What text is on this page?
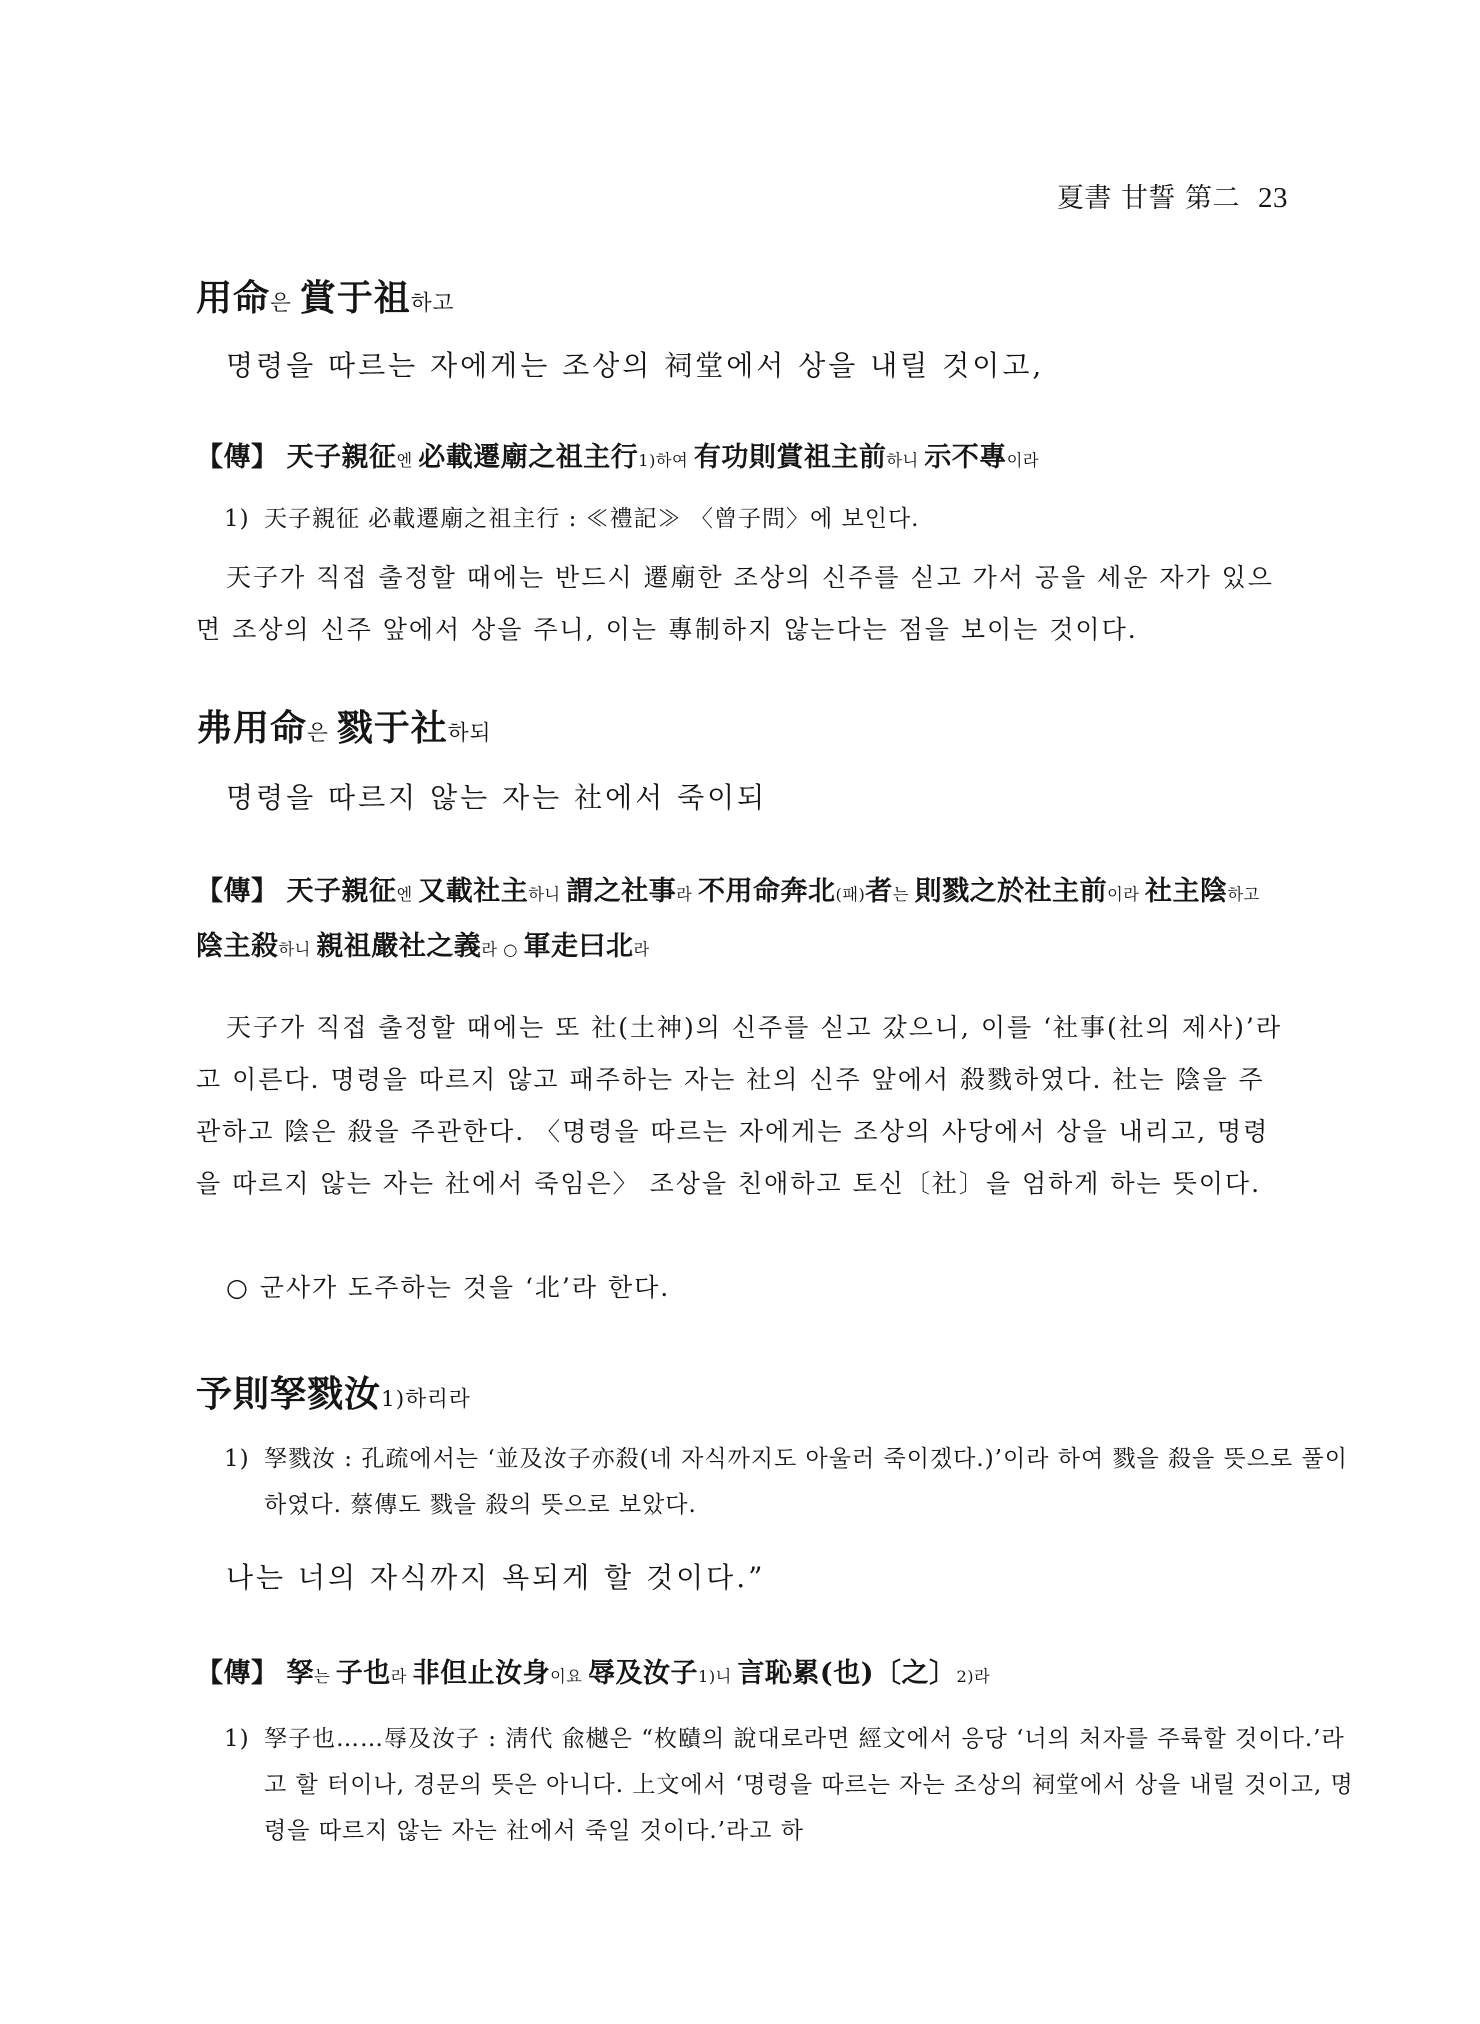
夏書 甘誓 第二 23
用命은 賞于祖하고
명령을 따르는 자에게는 조상의 祠堂에서 상을 내릴 것이고,
【傳】 天子親征엔 必載遷廟之祖主行$^{1)}$하여 有功則賞祖主前하니 示不專이라
1) 天子親征 必載遷廟之祖主行 : ≪禮記≫ 〈曾子問〉에 보인다.
天子가 직접 출정할 때에는 반드시 遷廟한 조상의 신주를 싣고 가서 공을 세운 자가 있으면 조상의 신주 앞에서 상을 주니, 이는 專制하지 않는다는 점을 보이는 것이다.
弗用命은 戮于社하되
명령을 따르지 않는 자는 社에서 죽이되
【傳】 天子親征엔 又載社主하니 謂之社事라 不用命奔北(패)者는 則戮之於社主前이라 社主陰하고 陰主殺하니 親祖嚴社之義라 ○ 軍走曰北라
天子가 직접 출정할 때에는 또 社(土神)의 신주를 싣고 갔으니, 이를 ‘社事(社의 제사)’라고 이른다. 명령을 따르지 않고 패주하는 자는 社의 신주 앞에서 殺戮하였다. 社는 陰을 주관하고 陰은 殺을 주관한다. 〈명령을 따르는 자에게는 조상의 사당에서 상을 내리고, 명령을 따르지 않는 자는 社에서 죽임은〉 조상을 친애하고 토신〔社〕을 엄하게 하는 뜻이다.
○ 군사가 도주하는 것을 ‘北’라 한다.
予則孥戮汝$^{1)}$하리라
1) 孥戮汝 : 孔疏에서는 ‘並及汝子亦殺(네 자식까지도 아울러 죽이겠다.)’이라 하여 戮을 殺을 뜻으로 풀이하였다. 蔡傳도 戮을 殺의 뜻으로 보았다.
나는 너의 자식까지 욕되게 할 것이다.”
【傳】 孥는 子也라 非但止汝身이요 辱及汝子$^{1)}$니 言恥累(也)〔之〕$^{2)}$라
1) 孥子也……辱及汝子 : 淸代 兪樾은 “枚賾의 說대로라면 經文에서 응당 ‘너의 처자를 주륙할 것이다.’라고 할 터이나, 경문의 뜻은 아니다. 上文에서 ‘명령을 따르는 자는 조상의 祠堂에서 상을 내릴 것이고, 명령을 따르지 않는 자는 社에서 죽일 것이다.’라고 하
